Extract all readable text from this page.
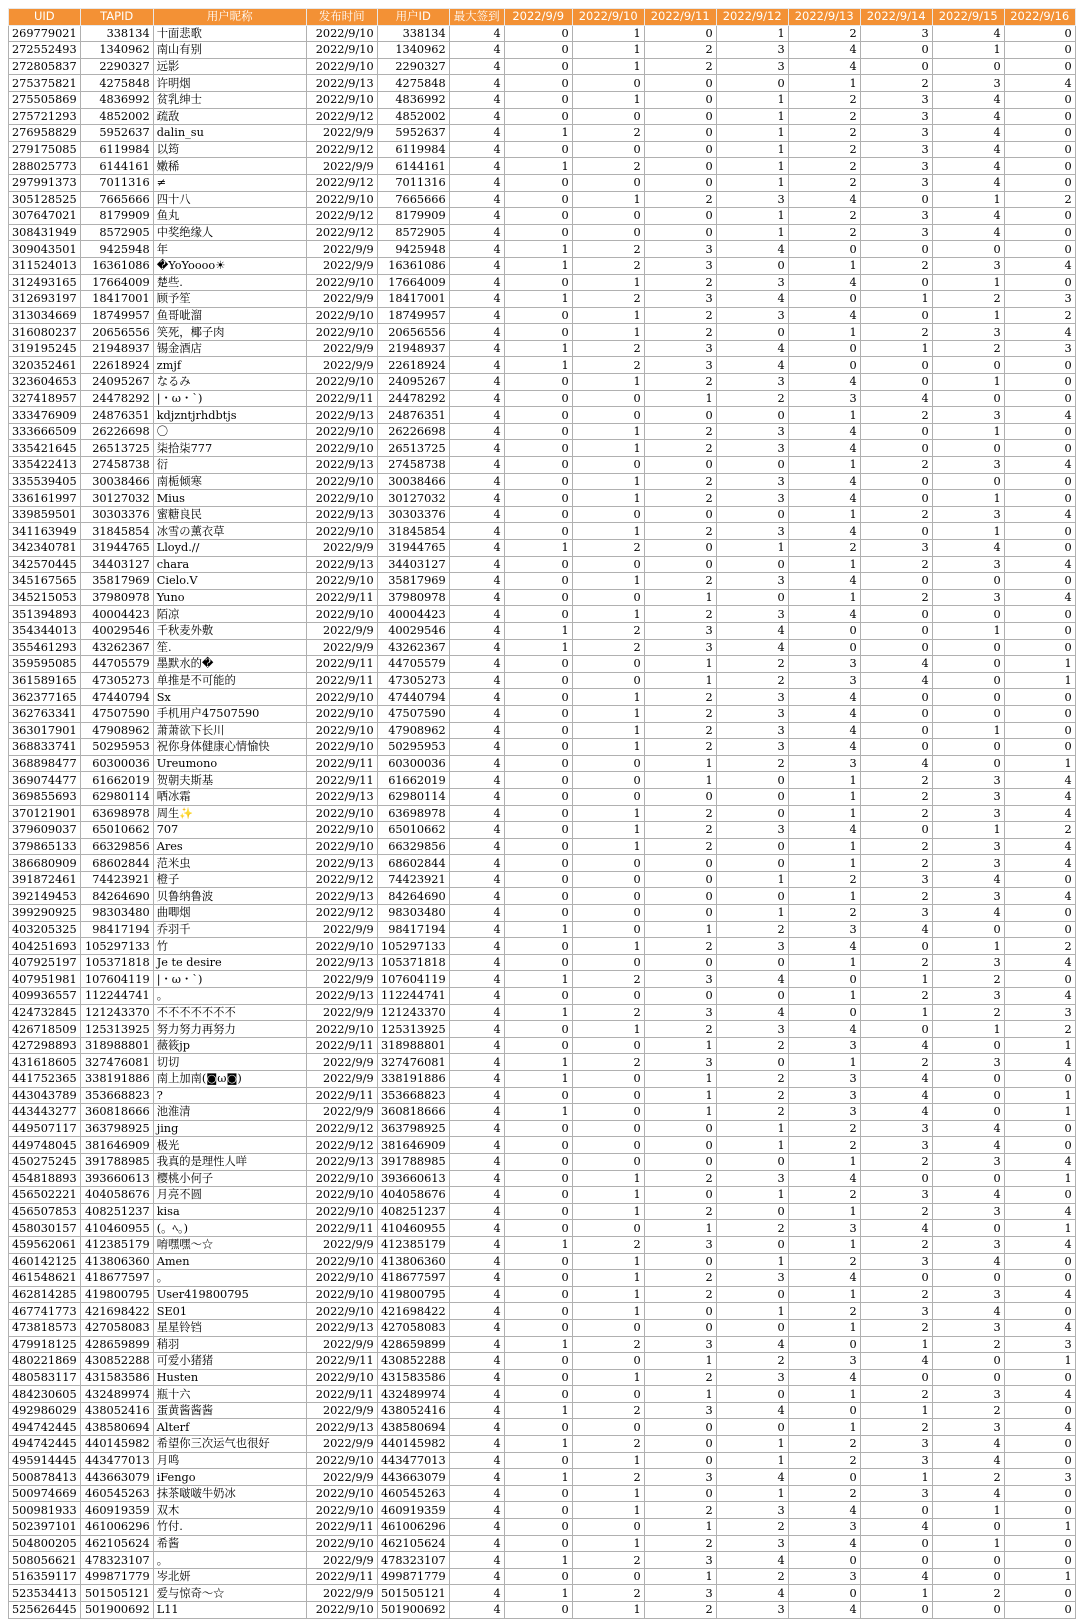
UID	TAPID	用户昵称	发布时间	用户ID	最大签到	2022/9/9	2022/9/10	2022/9/11	2022/9/12	2022/9/13	2022/9/14	2022/9/15	2022/9/16
269779021	338134	十面悲歌	2022/9/10	338134	4	0	1	0	1	2	3	4	0
272552493	1340962	南山有别	2022/9/10	1340962	4	0	1	2	3	4	0	1	0
272805837	2290327	远影	2022/9/10	2290327	4	0	1	2	3	4	0	0	0
275375821	4275848	许明烟	2022/9/13	4275848	4	0	0	0	0	1	2	3	4
275505869	4836992	贫乳绅士	2022/9/10	4836992	4	0	1	0	1	2	3	4	0
275721293	4852002	疏敌	2022/9/12	4852002	4	0	0	0	1	2	3	4	0
276958829	5952637	dalin_su	2022/9/9	5952637	4	1	2	0	1	2	3	4	0
279175085	6119984	以筠	2022/9/12	6119984	4	0	0	0	1	2	3	4	0
288025773	6144161	嫩稀	2022/9/9	6144161	4	1	2	0	1	2	3	4	0
297991373	7011316	≠	2022/9/12	7011316	4	0	0	0	1	2	3	4	0
305128525	7665666	四十八	2022/9/10	7665666	4	0	1	2	3	4	0	1	2
307647021	8179909	鱼丸	2022/9/12	8179909	4	0	0	0	1	2	3	4	0
308431949	8572905	中奖绝缘人	2022/9/12	8572905	4	0	0	0	1	2	3	4	0
309043501	9425948	年	2022/9/9	9425948	4	1	2	3	4	0	0	0	0
311524013	16361086	�YoYoooo☀	2022/9/9	16361086	4	1	2	3	0	1	2	3	4
312493165	17664009	楚些.	2022/9/10	17664009	4	0	1	2	3	4	0	1	0
312693197	18417001	顾予笙	2022/9/9	18417001	4	1	2	3	4	0	1	2	3
313034669	18749957	鱼哥呲溜	2022/9/10	18749957	4	0	1	2	3	4	0	1	2
316080237	20656556	笑死，椰子肉	2022/9/10	20656556	4	0	1	2	0	1	2	3	4
319195245	21948937	锡金酒店	2022/9/9	21948937	4	1	2	3	4	0	1	2	3
320352461	22618924	zmjf	2022/9/9	22618924	4	1	2	3	4	0	0	0	0
323604653	24095267	なるみ	2022/9/10	24095267	4	0	1	2	3	4	0	1	0
327418957	24478292	|・ω・`)	2022/9/11	24478292	4	0	0	1	2	3	4	0	0
333476909	24876351	kdjzntjrhdbtjs	2022/9/13	24876351	4	0	0	0	0	1	2	3	4
333666509	26226698	〇	2022/9/10	26226698	4	0	1	2	3	4	0	1	0
335421645	26513725	柒拾柒777	2022/9/10	26513725	4	0	1	2	3	4	0	0	0
335422413	27458738	衍	2022/9/13	27458738	4	0	0	0	0	1	2	3	4
335539405	30038466	南栀倾寒	2022/9/10	30038466	4	0	1	2	3	4	0	0	0
336161997	30127032	Mius	2022/9/10	30127032	4	0	1	2	3	4	0	1	0
339859501	30303376	蜜糖良民	2022/9/13	30303376	4	0	0	0	0	1	2	3	4
341163949	31845854	冰雪の薰衣草	2022/9/10	31845854	4	0	1	2	3	4	0	1	0
342340781	31944765	Lloyd.//	2022/9/9	31944765	4	1	2	0	1	2	3	4	0
342570445	34403127	chara	2022/9/13	34403127	4	0	0	0	0	1	2	3	4
345167565	35817969	Cielo.V	2022/9/10	35817969	4	0	1	2	3	4	0	0	0
345215053	37980978	Yuno	2022/9/11	37980978	4	0	0	1	0	1	2	3	4
351394893	40004423	陌凉	2022/9/10	40004423	4	0	1	2	3	4	0	0	0
354344013	40029546	千秋麦外敷	2022/9/9	40029546	4	1	2	3	4	0	0	1	0
355461293	43262367	笙.	2022/9/9	43262367	4	1	2	3	4	0	0	0	0
359595085	44705579	墨默水的�	2022/9/11	44705579	4	0	0	1	2	3	4	0	1
361589165	47305273	单推是不可能的	2022/9/11	47305273	4	0	0	1	2	3	4	0	1
362377165	47440794	Sx	2022/9/10	47440794	4	0	1	2	3	4	0	0	0
362763341	47507590	手机用户47507590	2022/9/10	47507590	4	0	1	2	3	4	0	0	0
363017901	47908962	萧萧欲下长川	2022/9/10	47908962	4	0	1	2	3	4	0	1	0
368833741	50295953	祝你身体健康心情愉快	2022/9/10	50295953	4	0	1	2	3	4	0	0	0
368898477	60300036	Ureumono	2022/9/11	60300036	4	0	0	1	2	3	4	0	1
369074477	61662019	贺朝夫斯基	2022/9/11	61662019	4	0	0	1	0	1	2	3	4
369855693	62980114	哂冰霜	2022/9/13	62980114	4	0	0	0	0	1	2	3	4
370121901	63698978	周生✨	2022/9/10	63698978	4	0	1	2	0	1	2	3	4
379609037	65010662	707	2022/9/10	65010662	4	0	1	2	3	4	0	1	2
379865133	66329856	Ares	2022/9/10	66329856	4	0	1	2	0	1	2	3	4
386680909	68602844	范米虫	2022/9/13	68602844	4	0	0	0	0	1	2	3	4
391872461	74423921	橙子	2022/9/12	74423921	4	0	0	0	1	2	3	4	0
392149453	84264690	贝鲁纳鲁波	2022/9/13	84264690	4	0	0	0	0	1	2	3	4
399290925	98303480	曲唧烟	2022/9/12	98303480	4	0	0	0	1	2	3	4	0
403205325	98417194	乔羽千	2022/9/9	98417194	4	1	0	1	2	3	4	0	0
404251693	105297133	竹	2022/9/10	105297133	4	0	1	2	3	4	0	1	2
407925197	105371818	Je te desire	2022/9/13	105371818	4	0	0	0	0	1	2	3	4
407951981	107604119	|・ω・`)	2022/9/9	107604119	4	1	2	3	4	0	1	2	0
409936557	112244741	。	2022/9/13	112244741	4	0	0	0	0	1	2	3	4
424732845	121243370	不不不不不不不	2022/9/9	121243370	4	1	2	3	4	0	1	2	3
426718509	125313925	努力努力再努力	2022/9/10	125313925	4	0	1	2	3	4	0	1	2
427298893	318988801	薇筱jp	2022/9/11	318988801	4	0	0	1	2	3	4	0	1
431618605	327476081	切切	2022/9/9	327476081	4	1	2	3	0	1	2	3	4
441752365	338191886	南上加南(◙ω◙)	2022/9/9	338191886	4	1	0	1	2	3	4	0	0
443043789	353668823	?	2022/9/11	353668823	4	0	0	1	2	3	4	0	1
443443277	360818666	池淮清	2022/9/9	360818666	4	1	0	1	2	3	4	0	1
449507117	363798925	jing	2022/9/12	363798925	4	0	0	0	1	2	3	4	0
449748045	381646909	极光	2022/9/12	381646909	4	0	0	0	1	2	3	4	0
450275245	391788985	我真的是理性人咩	2022/9/13	391788985	4	0	0	0	0	1	2	3	4
454818893	393660613	樱桃小何子	2022/9/10	393660613	4	0	1	2	3	4	0	0	1
456502221	404058676	月亮不圆	2022/9/10	404058676	4	0	1	0	1	2	3	4	0
456507853	408251237	kisa	2022/9/10	408251237	4	0	1	2	0	1	2	3	4
458030157	410460955	(。ﾍ。)	2022/9/11	410460955	4	0	0	1	2	3	4	0	1
459562061	412385179	唷嘿嘿～☆	2022/9/9	412385179	4	1	2	3	0	1	2	3	4
460142125	413806360	Amen	2022/9/10	413806360	4	0	1	0	1	2	3	4	0
461548621	418677597	。	2022/9/10	418677597	4	0	1	2	3	4	0	0	0
462814285	419800795	User419800795	2022/9/10	419800795	4	0	1	2	0	1	2	3	4
467741773	421698422	SE01	2022/9/10	421698422	4	0	1	0	1	2	3	4	0
473818573	427058083	星星铃铛	2022/9/13	427058083	4	0	0	0	0	1	2	3	4
479918125	428659899	稍羽	2022/9/9	428659899	4	1	2	3	4	0	1	2	3
480221869	430852288	可爱小猪猪	2022/9/11	430852288	4	0	0	1	2	3	4	0	1
480583117	431583586	Husten	2022/9/10	431583586	4	0	1	2	3	4	0	0	0
484230605	432489974	瓶十六	2022/9/11	432489974	4	0	0	1	0	1	2	3	4
492986029	438052416	蛋黄酱酱酱	2022/9/9	438052416	4	1	2	3	4	0	1	2	0
494742445	438580694	Alterf	2022/9/13	438580694	4	0	0	0	0	1	2	3	4
494742445	440145982	希望你三次运气也很好	2022/9/9	440145982	4	1	2	0	1	2	3	4	0
495914445	443477013	月鸣	2022/9/10	443477013	4	0	1	0	1	2	3	4	0
500878413	443663079	iFengo	2022/9/9	443663079	4	1	2	3	4	0	1	2	3
500974669	460545263	抹茶啵啵牛奶冰	2022/9/10	460545263	4	0	1	0	1	2	3	4	0
500981933	460919359	双木	2022/9/10	460919359	4	0	1	2	3	4	0	1	0
502397101	461006296	竹付.	2022/9/11	461006296	4	0	0	1	2	3	4	0	1
504800205	462105624	希酱	2022/9/10	462105624	4	0	1	2	3	4	0	1	0
508056621	478323107	。	2022/9/9	478323107	4	1	2	3	4	0	0	0	0
516359117	499871779	岑北妍	2022/9/11	499871779	4	0	0	1	2	3	4	0	1
523534413	501505121	爱与惊奇～☆	2022/9/9	501505121	4	1	2	3	4	0	1	2	0
525626445	501900692	L11	2022/9/10	501900692	4	0	1	2	3	4	0	0	0
